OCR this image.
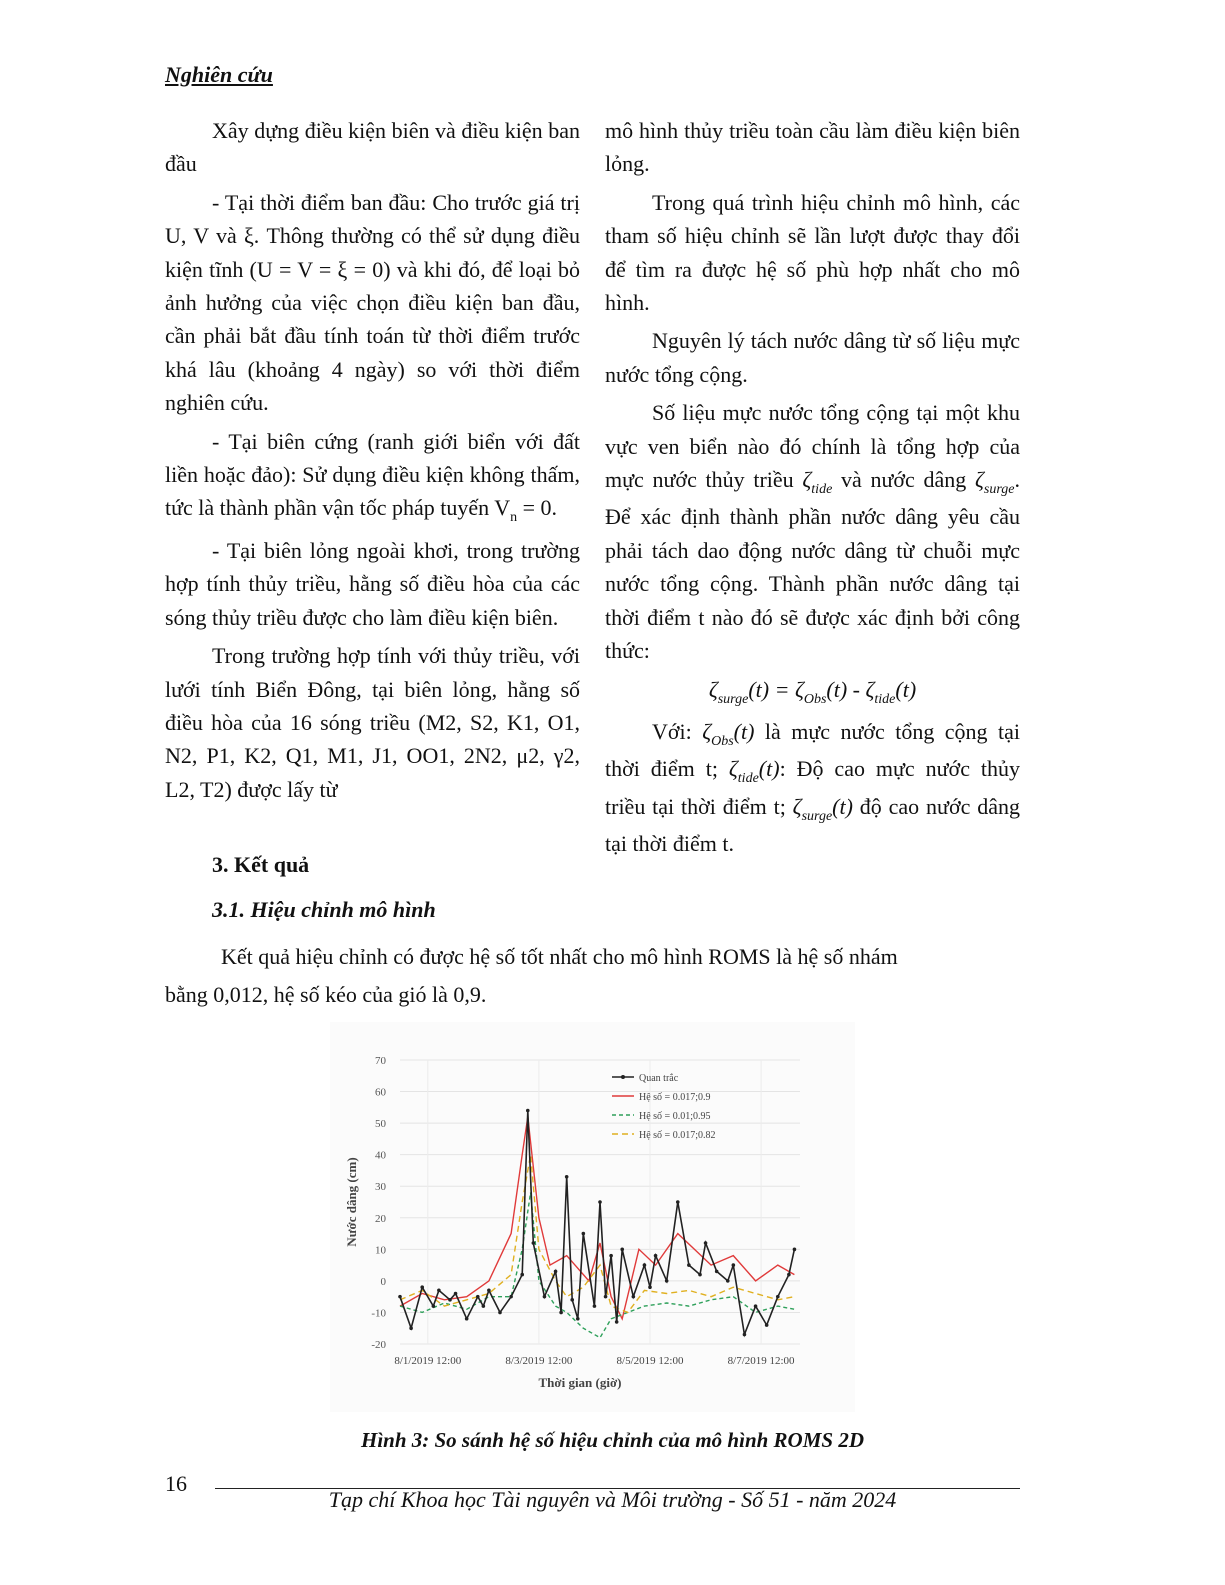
Nghiên cứu

Xây dựng điều kiện biên và điều kiện ban đầu

- Tại thời điểm ban đầu: Cho trước giá trị U, V và ξ. Thông thường có thể sử dụng điều kiện tĩnh (U = V = ξ = 0) và khi đó, để loại bỏ ảnh hưởng của việc chọn điều kiện ban đầu, cần phải bắt đầu tính toán từ thời điểm trước khá lâu (khoảng 4 ngày) so với thời điểm nghiên cứu.

- Tại biên cứng (ranh giới biển với đất liền hoặc đảo): Sử dụng điều kiện không thấm, tức là thành phần vận tốc pháp tuyến $V_n = 0$.

- Tại biên lỏng ngoài khơi, trong trường hợp tính thủy triều, hằng số điều hòa của các sóng thủy triều được cho làm điều kiện biên.

Trong trường hợp tính với thủy triều, với lưới tính Biển Đông, tại biên lỏng, hằng số điều hòa của 16 sóng triều (M2, S2, K1, O1, N2, P1, K2, Q1, M1, J1, OO1, 2N2, μ2, γ2, L2, T2) được lấy từ

mô hình thủy triều toàn cầu làm điều kiện biên lỏng.

Trong quá trình hiệu chỉnh mô hình, các tham số hiệu chỉnh sẽ lần lượt được thay đổi để tìm ra được hệ số phù hợp nhất cho mô hình.

Nguyên lý tách nước dâng từ số liệu mực nước tổng cộng.

Số liệu mực nước tổng cộng tại một khu vực ven biển nào đó chính là tổng hợp của mực nước thủy triều $\zeta_{tide}$ và nước dâng $\zeta_{surge}$. Để xác định thành phần nước dâng yêu cầu phải tách dao động nước dâng từ chuỗi mực nước tổng cộng. Thành phần nước dâng tại thời điểm t nào đó sẽ được xác định bởi công thức:

$\zeta_{surge}(t) = \zeta_{Obs}(t) - \zeta_{tide}(t)$

Với: $\zeta_{Obs}(t)$ là mực nước tổng cộng tại thời điểm t; $\zeta_{tide}(t)$: Độ cao mực nước thủy triều tại thời điểm t; $\zeta_{surge}(t)$ độ cao nước dâng tại thời điểm t.

3. Kết quả
3.1. Hiệu chỉnh mô hình
Kết quả hiệu chỉnh có được hệ số tốt nhất cho mô hình ROMS là hệ số nhám
bằng 0,012, hệ số kéo của gió là 0,9.
70
60
50
40
30
20
10
0
-10
-20
8/1/2019 12:00	8/3/2019 12:00	8/5/2019 12:00	8/7/2019 12:00
Nước dâng (cm)
Thời gian (giờ)
Quan trắc
Hệ số = 0.017;0.9
Hệ số = 0.01;0.95
Hệ số = 0.017;0.82
Hình 3: So sánh hệ số hiệu chỉnh của mô hình ROMS 2D
16
Tạp chí Khoa học Tài nguyên và Môi trường - Số 51 - năm 2024
